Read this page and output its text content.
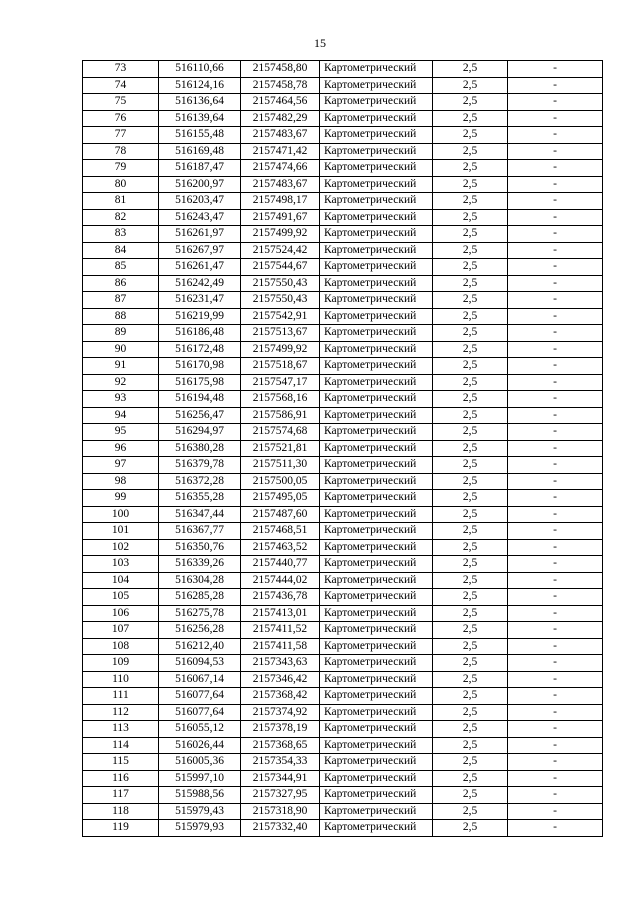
15
73	516110,66	2157458,80	Картометрический	2,5	-
74	516124,16	2157458,78	Картометрический	2,5	-
75	516136,64	2157464,56	Картометрический	2,5	-
76	516139,64	2157482,29	Картометрический	2,5	-
77	516155,48	2157483,67	Картометрический	2,5	-
78	516169,48	2157471,42	Картометрический	2,5	-
79	516187,47	2157474,66	Картометрический	2,5	-
80	516200,97	2157483,67	Картометрический	2,5	-
81	516203,47	2157498,17	Картометрический	2,5	-
82	516243,47	2157491,67	Картометрический	2,5	-
83	516261,97	2157499,92	Картометрический	2,5	-
84	516267,97	2157524,42	Картометрический	2,5	-
85	516261,47	2157544,67	Картометрический	2,5	-
86	516242,49	2157550,43	Картометрический	2,5	-
87	516231,47	2157550,43	Картометрический	2,5	-
88	516219,99	2157542,91	Картометрический	2,5	-
89	516186,48	2157513,67	Картометрический	2,5	-
90	516172,48	2157499,92	Картометрический	2,5	-
91	516170,98	2157518,67	Картометрический	2,5	-
92	516175,98	2157547,17	Картометрический	2,5	-
93	516194,48	2157568,16	Картометрический	2,5	-
94	516256,47	2157586,91	Картометрический	2,5	-
95	516294,97	2157574,68	Картометрический	2,5	-
96	516380,28	2157521,81	Картометрический	2,5	-
97	516379,78	2157511,30	Картометрический	2,5	-
98	516372,28	2157500,05	Картометрический	2,5	-
99	516355,28	2157495,05	Картометрический	2,5	-
100	516347,44	2157487,60	Картометрический	2,5	-
101	516367,77	2157468,51	Картометрический	2,5	-
102	516350,76	2157463,52	Картометрический	2,5	-
103	516339,26	2157440,77	Картометрический	2,5	-
104	516304,28	2157444,02	Картометрический	2,5	-
105	516285,28	2157436,78	Картометрический	2,5	-
106	516275,78	2157413,01	Картометрический	2,5	-
107	516256,28	2157411,52	Картометрический	2,5	-
108	516212,40	2157411,58	Картометрический	2,5	-
109	516094,53	2157343,63	Картометрический	2,5	-
110	516067,14	2157346,42	Картометрический	2,5	-
111	516077,64	2157368,42	Картометрический	2,5	-
112	516077,64	2157374,92	Картометрический	2,5	-
113	516055,12	2157378,19	Картометрический	2,5	-
114	516026,44	2157368,65	Картометрический	2,5	-
115	516005,36	2157354,33	Картометрический	2,5	-
116	515997,10	2157344,91	Картометрический	2,5	-
117	515988,56	2157327,95	Картометрический	2,5	-
118	515979,43	2157318,90	Картометрический	2,5	-
119	515979,93	2157332,40	Картометрический	2,5	-
